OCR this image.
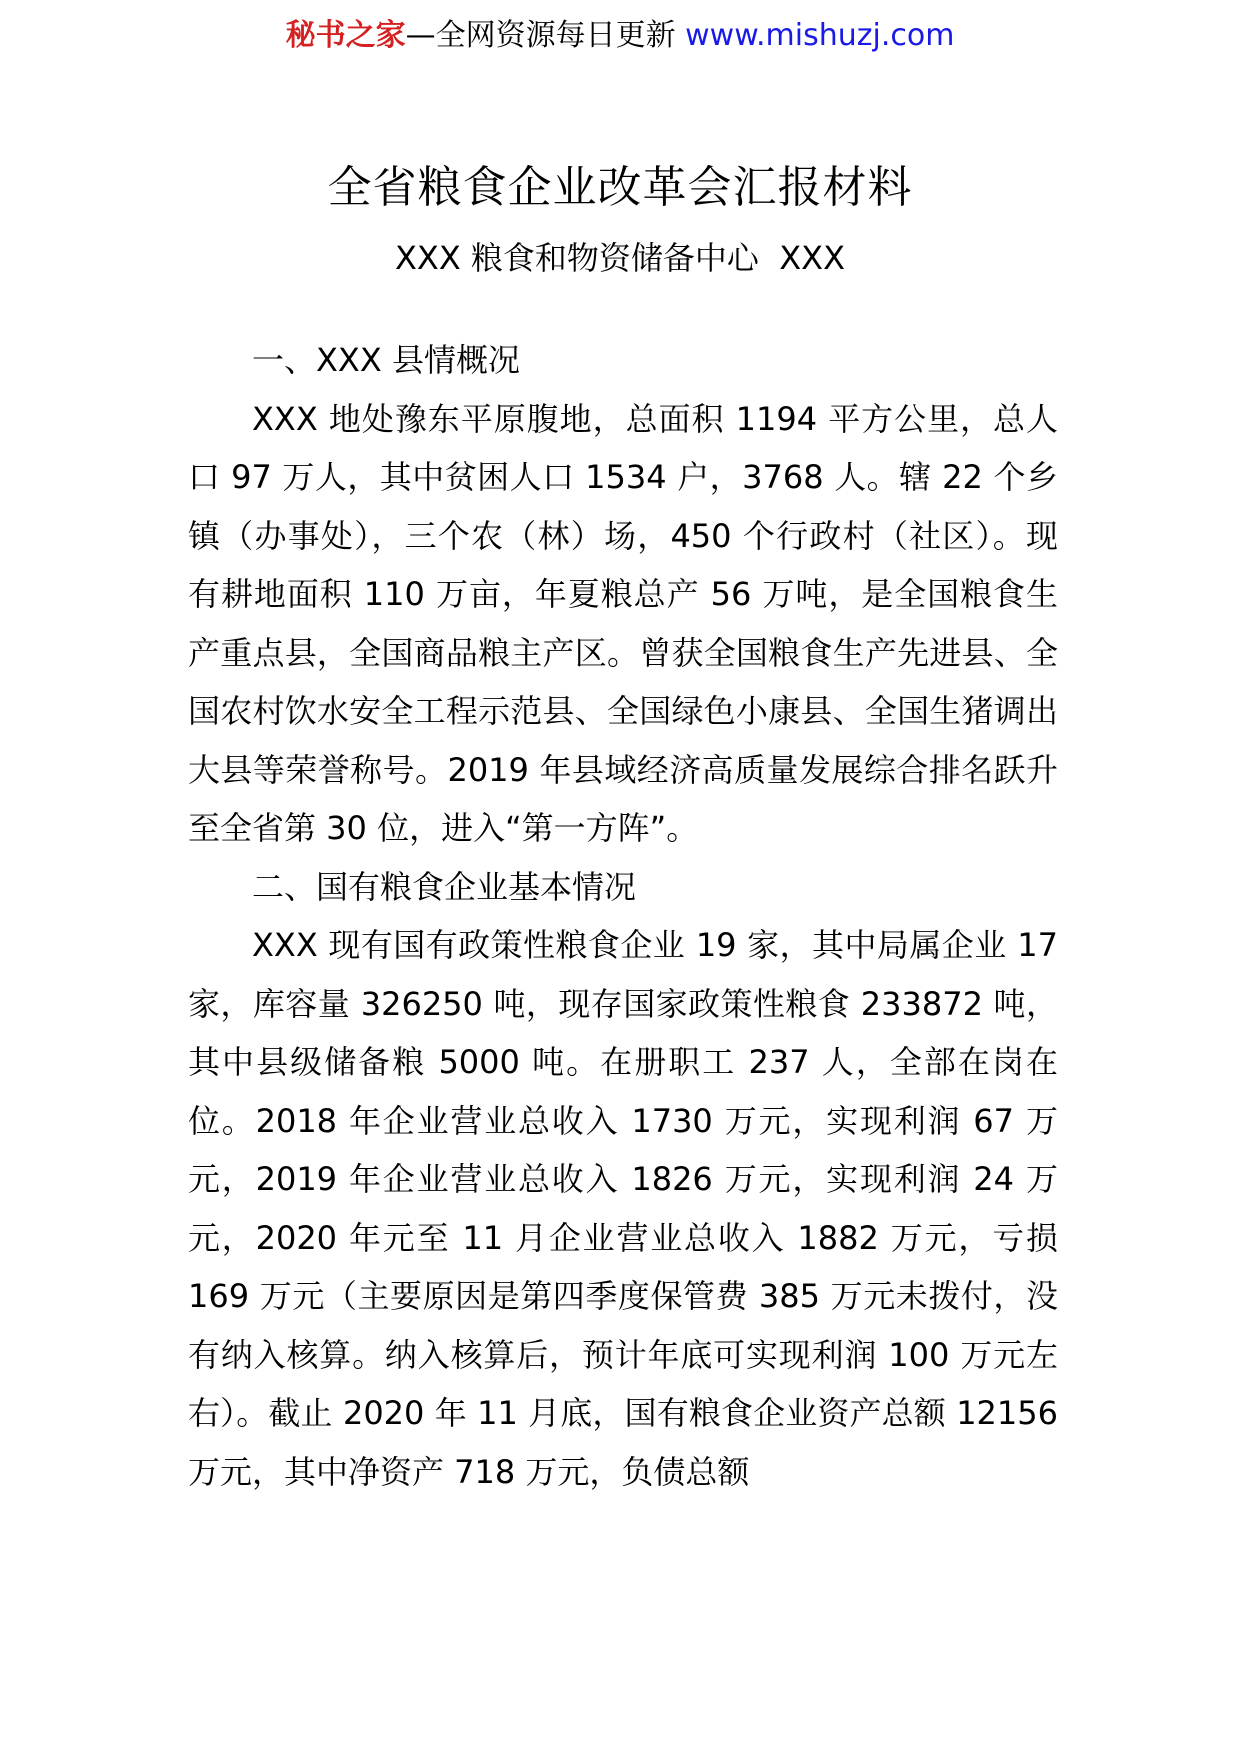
秘书之家—全网资源每日更新 www.mishuzj.com
全省粮食企业改革会汇报材料
XXX 粮食和物资储备中心  XXX

一、XXX 县情概况

XXX 地处豫东平原腹地，总面积 1194 平方公里，总人口 97 万人，其中贫困人口 1534 户，3768 人。辖 22 个乡镇（办事处），三个农（林）场，450 个行政村（社区）。现有耕地面积 110 万亩，年夏粮总产 56 万吨，是全国粮食生产重点县，全国商品粮主产区。曾获全国粮食生产先进县、全国农村饮水安全工程示范县、全国绿色小康县、全国生猪调出大县等荣誉称号。2019 年县域经济高质量发展综合排名跃升至全省第 30 位，进入“第一方阵”。

二、国有粮食企业基本情况

XXX 现有国有政策性粮食企业 19 家，其中局属企业 17 家，库容量 326250 吨，现存国家政策性粮食 233872 吨，其中县级储备粮 5000 吨。在册职工 237 人，全部在岗在位。2018 年企业营业总收入 1730 万元，实现利润 67 万元，2019 年企业营业总收入 1826 万元，实现利润 24 万元，2020 年元至 11 月企业营业总收入 1882 万元，亏损 169 万元（主要原因是第四季度保管费 385 万元未拨付，没有纳入核算。纳入核算后，预计年底可实现利润 100 万元左右）。截止 2020 年 11 月底，国有粮食企业资产总额 12156 万元，其中净资产 718 万元，负债总额
